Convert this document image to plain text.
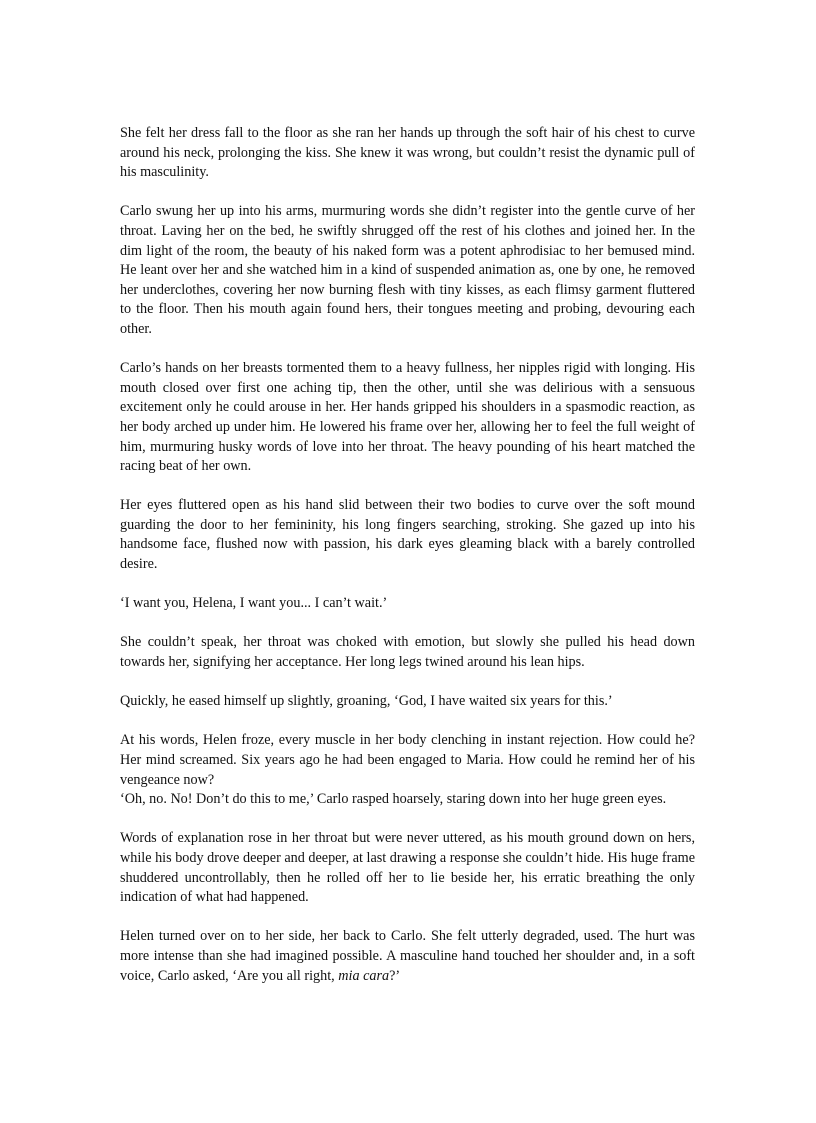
She felt her dress fall to the floor as she ran her hands up through the soft hair of his chest to curve around his neck, prolonging the kiss. She knew it was wrong, but couldn’t resist the dynamic pull of his masculinity.

Carlo swung her up into his arms, murmuring words she didn’t register into the gentle curve of her throat. Laving her on the bed, he swiftly shrugged off the rest of his clothes and joined her. In the dim light of the room, the beauty of his naked form was a potent aphrodisiac to her bemused mind. He leant over her and she watched him in a kind of suspended animation as, one by one, he removed her underclothes, covering her now burning flesh with tiny kisses, as each flimsy garment fluttered to the floor. Then his mouth again found hers, their tongues meeting and probing, devouring each other.

Carlo’s hands on her breasts tormented them to a heavy fullness, her nipples rigid with longing. His mouth closed over first one aching tip, then the other, until she was delirious with a sensuous excitement only he could arouse in her. Her hands gripped his shoulders in a spasmodic reaction, as her body arched up under him. He lowered his frame over her, allowing her to feel the full weight of him, murmuring husky words of love into her throat. The heavy pounding of his heart matched the racing beat of her own.

Her eyes fluttered open as his hand slid between their two bodies to curve over the soft mound guarding the door to her femininity, his long fingers searching, stroking. She gazed up into his handsome face, flushed now with passion, his dark eyes gleaming black with a barely controlled desire.

‘I want you, Helena, I want you... I can’t wait.’

She couldn’t speak, her throat was choked with emotion, but slowly she pulled his head down towards her, signifying her acceptance. Her long legs twined around his lean hips.

Quickly, he eased himself up slightly, groaning, ‘God, I have waited six years for this.’

At his words, Helen froze, every muscle in her body clenching in instant rejection. How could he? Her mind screamed. Six years ago he had been engaged to Maria. How could he remind her of his vengeance now?

‘Oh, no. No! Don’t do this to me,’ Carlo rasped hoarsely, staring down into her huge green eyes.

Words of explanation rose in her throat but were never uttered, as his mouth ground down on hers, while his body drove deeper and deeper, at last drawing a response she couldn’t hide. His huge frame shuddered uncontrollably, then he rolled off her to lie beside her, his erratic breathing the only indication of what had happened.

Helen turned over on to her side, her back to Carlo. She felt utterly degraded, used. The hurt was more intense than she had imagined possible. A masculine hand touched her shoulder and, in a soft voice, Carlo asked, ‘Are you all right, mia cara?’
